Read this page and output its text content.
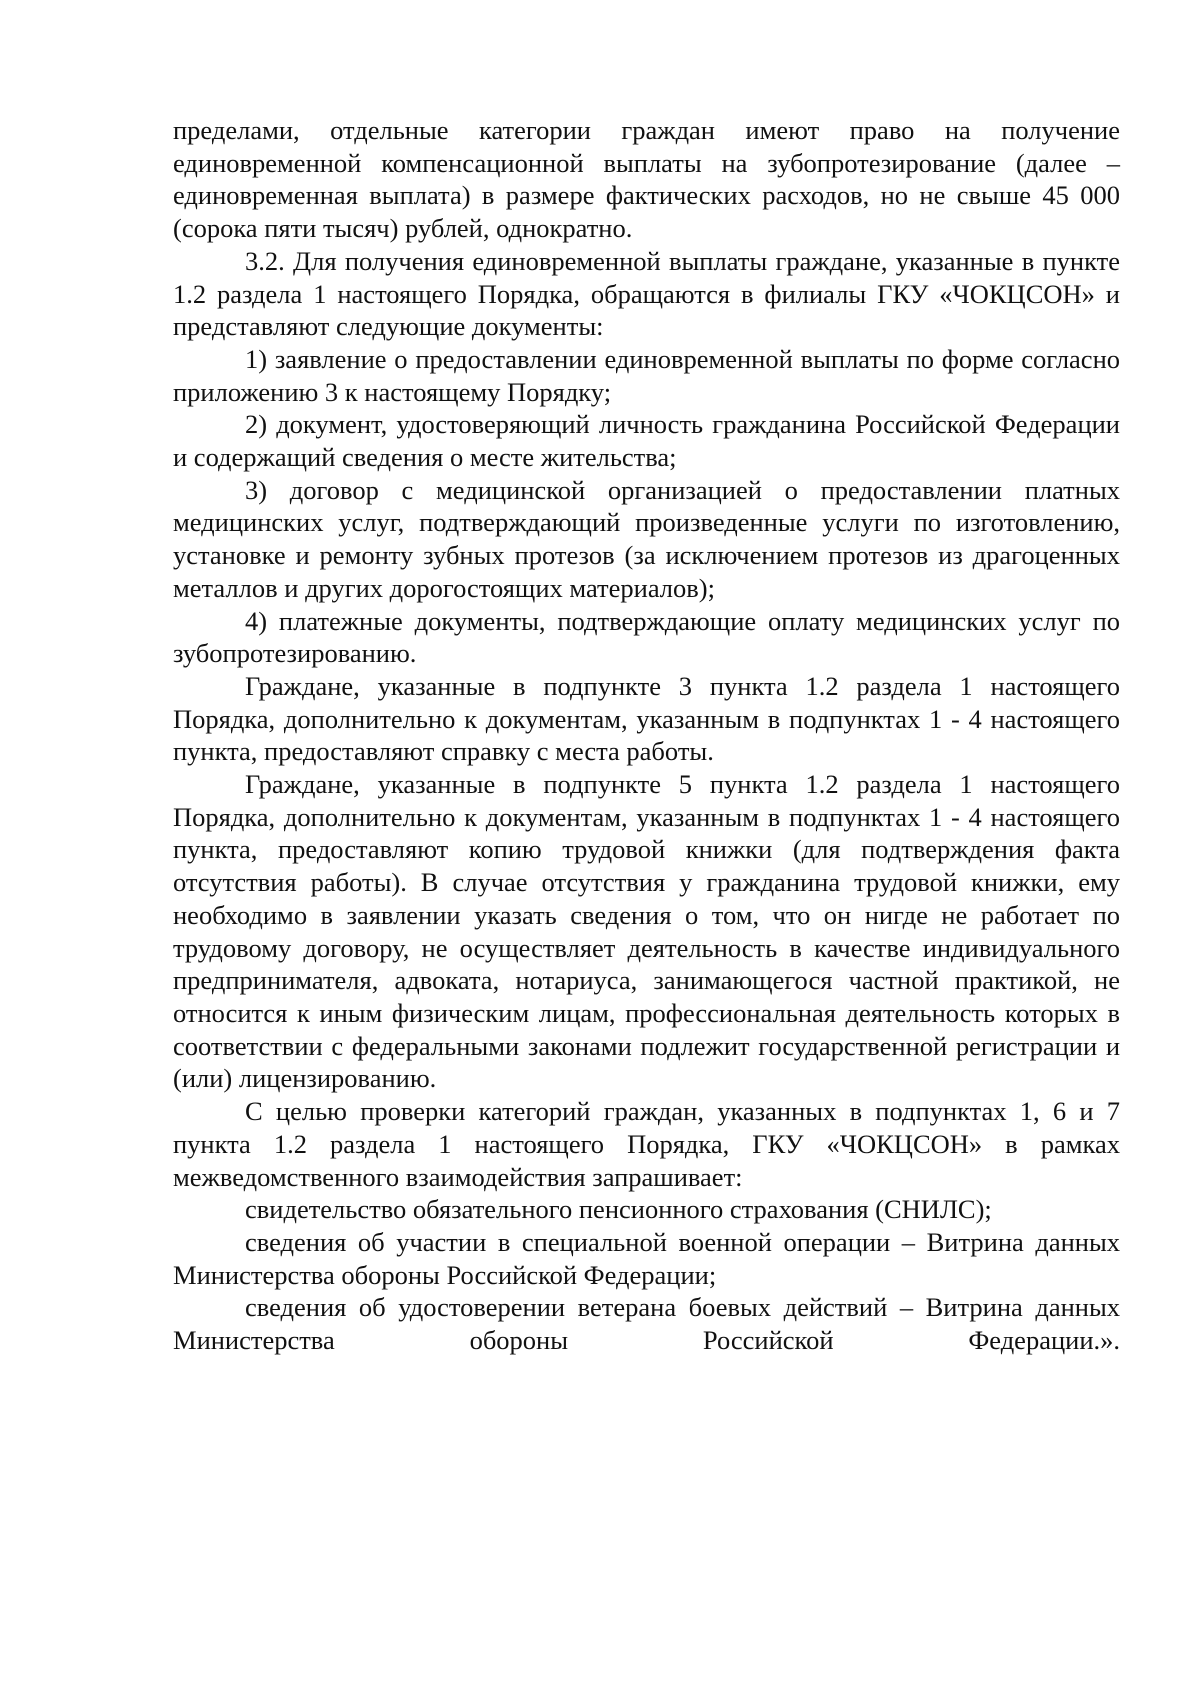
пределами, отдельные категории граждан имеют право на получение единовременной компенсационной выплаты на зубопротезирование (далее – единовременная выплата) в размере фактических расходов, но не свыше 45 000 (сорока пяти тысяч) рублей, однократно.

3.2. Для получения единовременной выплаты граждане, указанные в пункте 1.2 раздела 1 настоящего Порядка, обращаются в филиалы ГКУ «ЧОКЦСОН» и представляют следующие документы:

1) заявление о предоставлении единовременной выплаты по форме согласно приложению 3 к настоящему Порядку;

2) документ, удостоверяющий личность гражданина Российской Федерации и содержащий сведения о месте жительства;

3) договор с медицинской организацией о предоставлении платных медицинских услуг, подтверждающий произведенные услуги по изготовлению, установке и ремонту зубных протезов (за исключением протезов из драгоценных металлов и других дорогостоящих материалов);

4) платежные документы, подтверждающие оплату медицинских услуг по зубопротезированию.

Граждане, указанные в подпункте 3 пункта 1.2 раздела 1 настоящего Порядка, дополнительно к документам, указанным в подпунктах 1 - 4 настоящего пункта, предоставляют справку с места работы.

Граждане, указанные в подпункте 5 пункта 1.2 раздела 1 настоящего Порядка, дополнительно к документам, указанным в подпунктах 1 - 4 настоящего пункта, предоставляют копию трудовой книжки (для подтверждения факта отсутствия работы). В случае отсутствия у гражданина трудовой книжки, ему необходимо в заявлении указать сведения о том, что он нигде не работает по трудовому договору, не осуществляет деятельность в качестве индивидуального предпринимателя, адвоката, нотариуса, занимающегося частной практикой, не относится к иным физическим лицам, профессиональная деятельность которых в соответствии с федеральными законами подлежит государственной регистрации и (или) лицензированию.

С целью проверки категорий граждан, указанных в подпунктах 1, 6 и 7 пункта 1.2 раздела 1 настоящего Порядка, ГКУ «ЧОКЦСОН» в рамках межведомственного взаимодействия запрашивает:

свидетельство обязательного пенсионного страхования (СНИЛС);

сведения об участии в специальной военной операции – Витрина данных Министерства обороны Российской Федерации;

сведения об удостоверении ветерана боевых действий – Витрина данных Министерства обороны Российской Федерации.».
